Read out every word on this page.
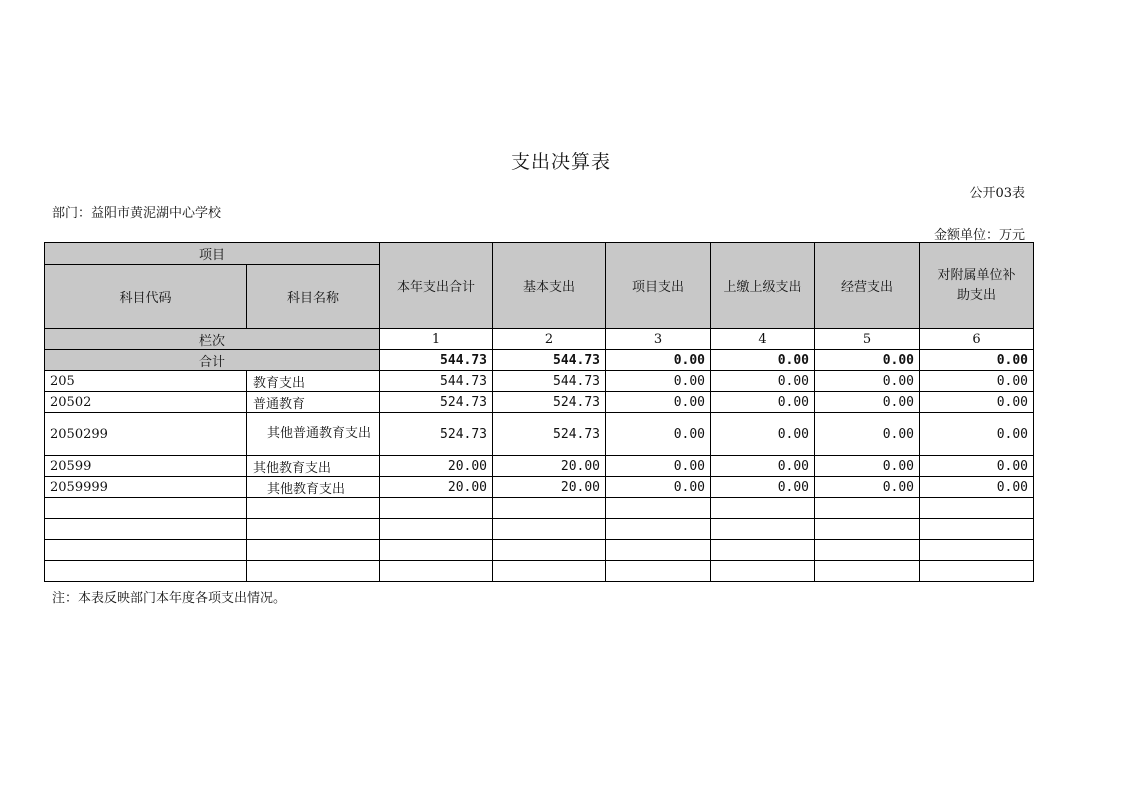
支出决算表
公开03表
部门：益阳市黄泥湖中心学校
金额单位：万元
项目		本年支出合计	基本支出	项目支出	上缴上级支出	经营支出	对附属单位补助支出

科目代码	科目名称						
栏次		1	2	3	4	5	6
合计		544.73	544.73	0.00	0.00	0.00	0.00
205	教育支出	544.73	544.73	0.00	0.00	0.00	0.00
20502	普通教育	524.73	524.73	0.00	0.00	0.00	0.00
2050299	其他普通教育支出	524.73	524.73	0.00	0.00	0.00	0.00
20599	其他教育支出	20.00	20.00	0.00	0.00	0.00	0.00
2059999	其他教育支出	20.00	20.00	0.00	0.00	0.00	0.00

注：本表反映部门本年度各项支出情况。
